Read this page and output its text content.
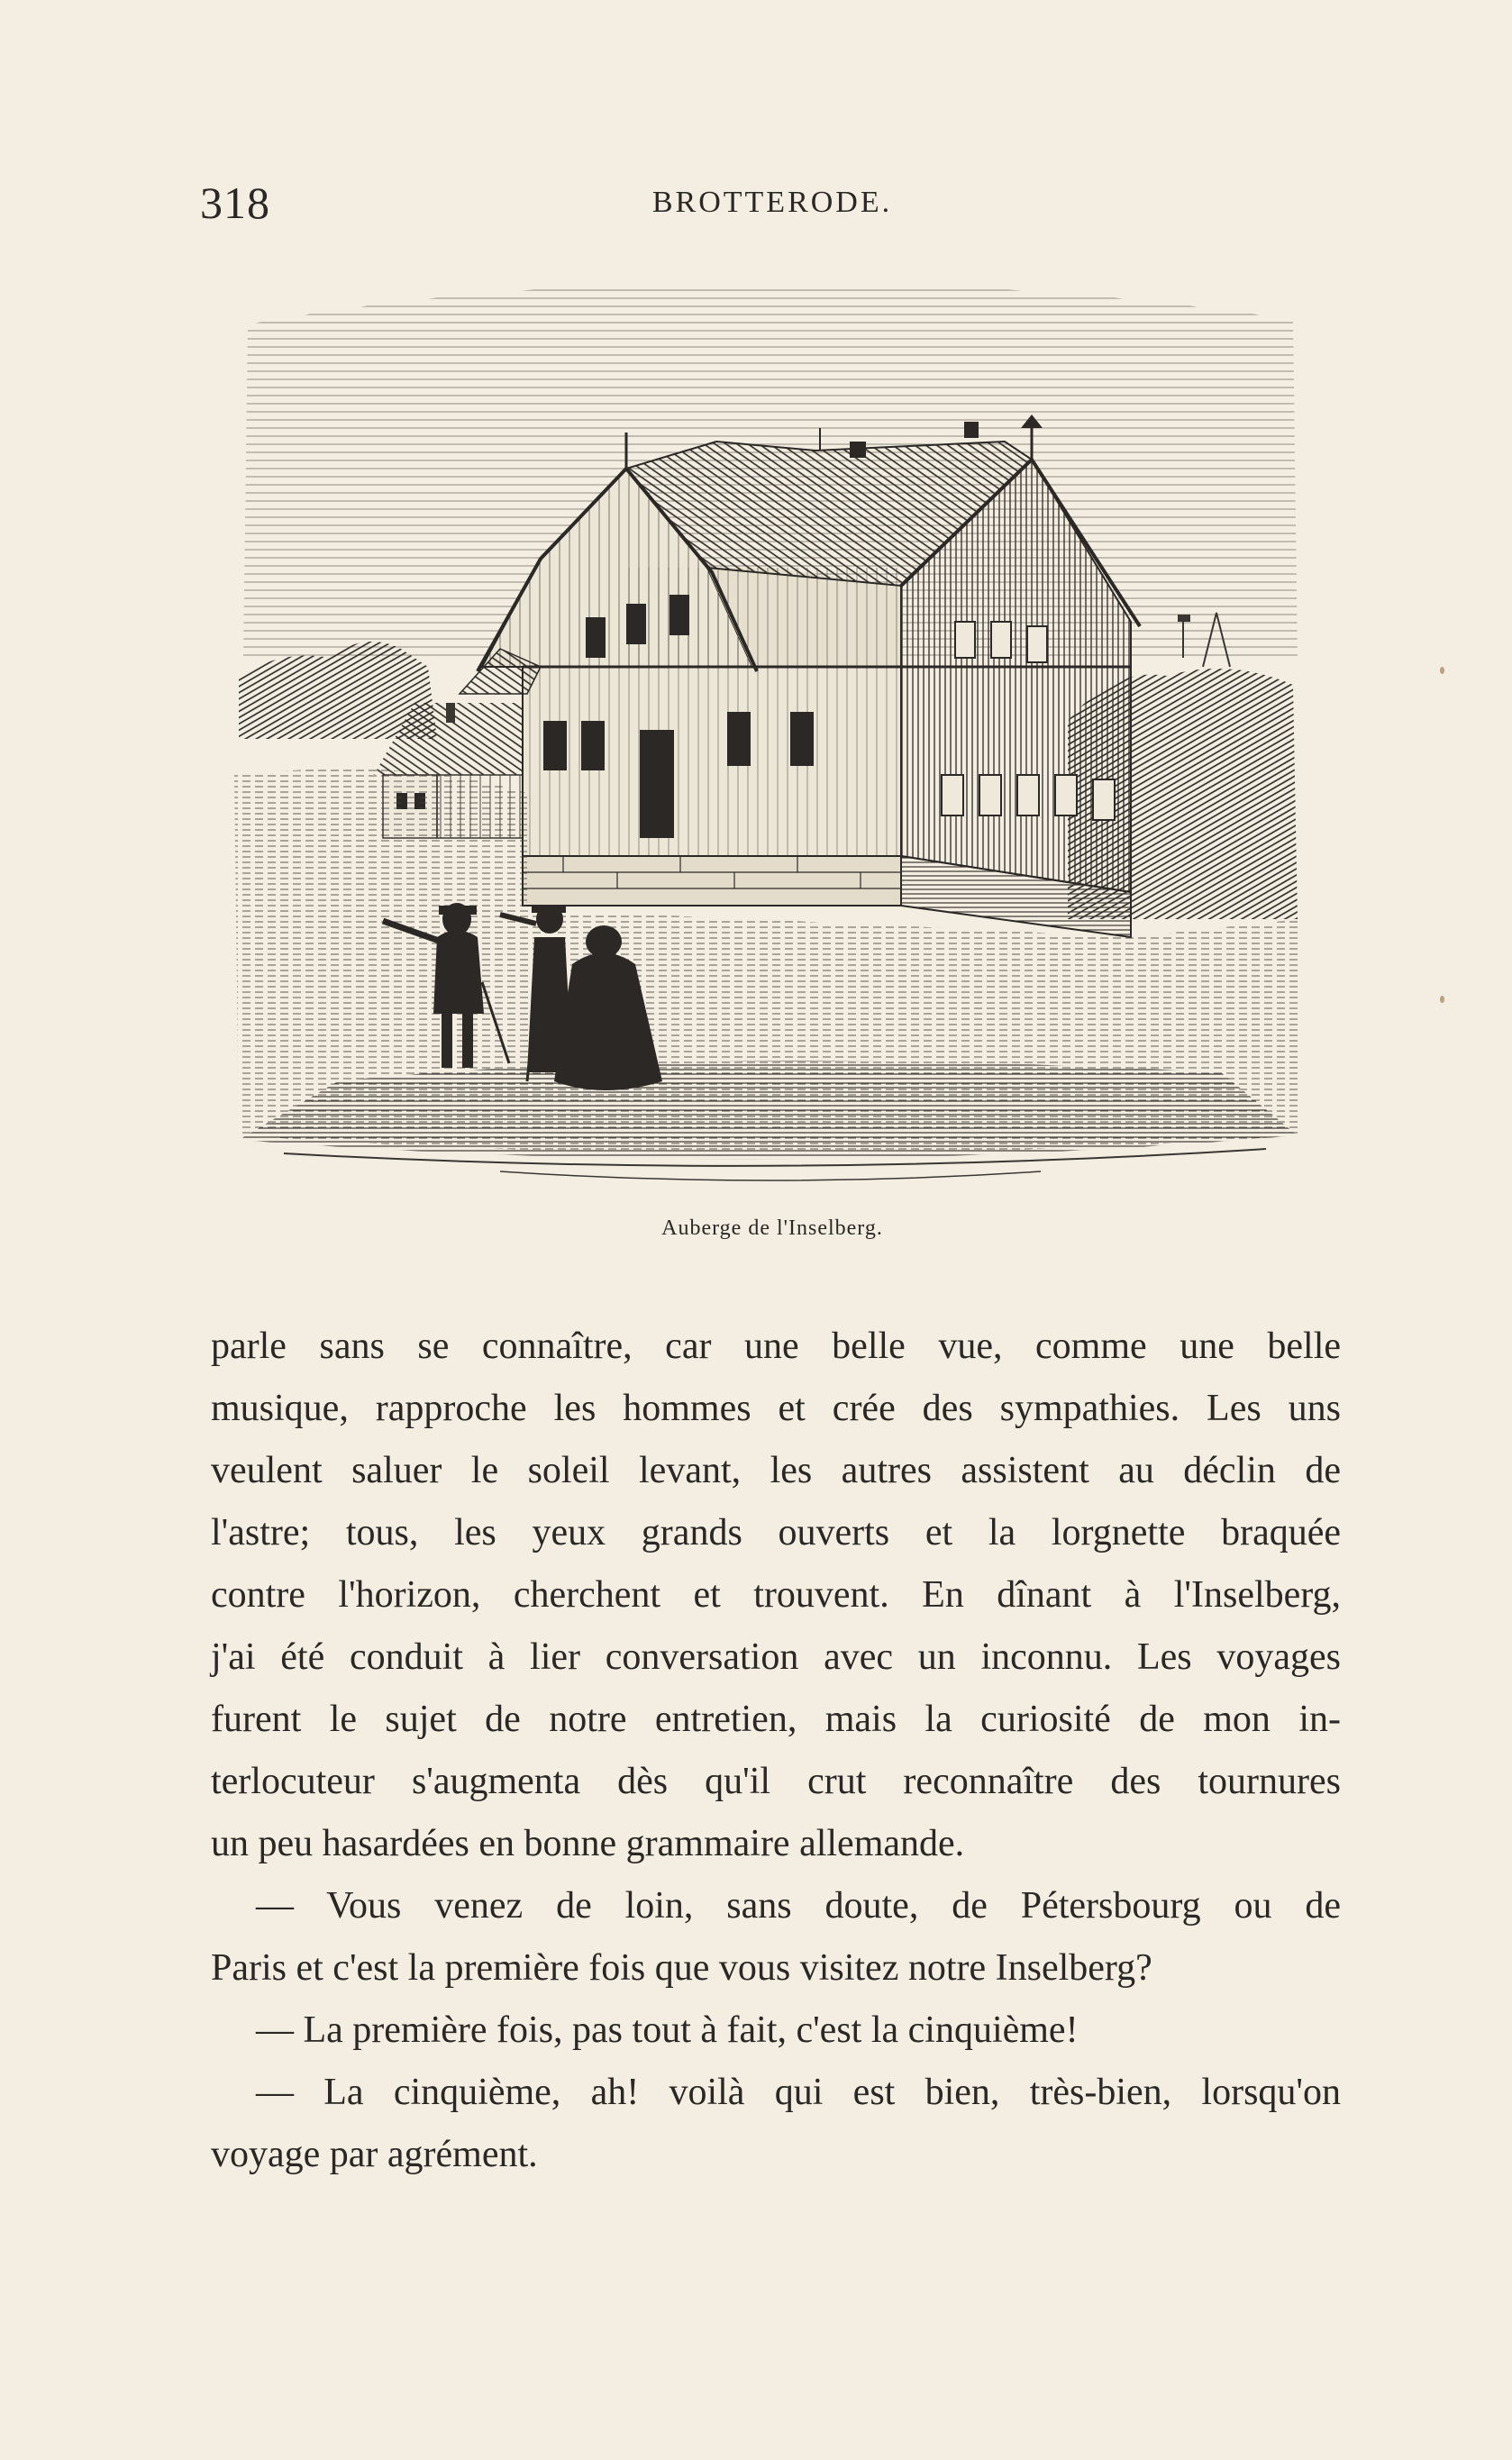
318	BROTTERODE.
Auberge de l'Inselberg.

parle sans se connaître, car une belle vue, comme une belle

musique, rapproche les hommes et crée des sympathies. Les uns

veulent saluer le soleil levant, les autres assistent au déclin de

l'astre; tous, les yeux grands ouverts et la lorgnette braquée

contre l'horizon, cherchent et trouvent. En dînant à l'Inselberg,

j'ai été conduit à lier conversation avec un inconnu. Les voyages

furent le sujet de notre entretien, mais la curiosité de mon in-

terlocuteur s'augmenta dès qu'il crut reconnaître des tournures

un peu hasardées en bonne grammaire allemande.

— Vous venez de loin, sans doute, de Pétersbourg ou de

Paris et c'est la première fois que vous visitez notre Inselberg?

— La première fois, pas tout à fait, c'est la cinquième!

— La cinquième, ah! voilà qui est bien, très-bien, lorsqu'on

voyage par agrément.
